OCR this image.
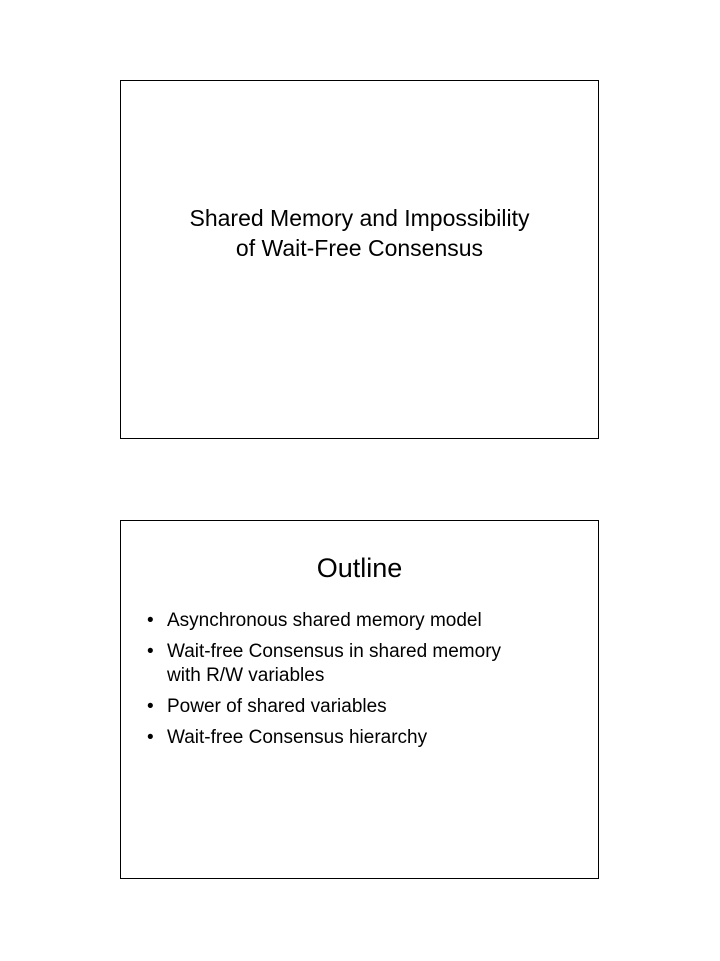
Shared Memory and Impossibility
of Wait-Free Consensus
Outline
• Asynchronous shared memory model
• Wait-free Consensus in shared memory
with R/W variables
• Power of shared variables
• Wait-free Consensus hierarchy
